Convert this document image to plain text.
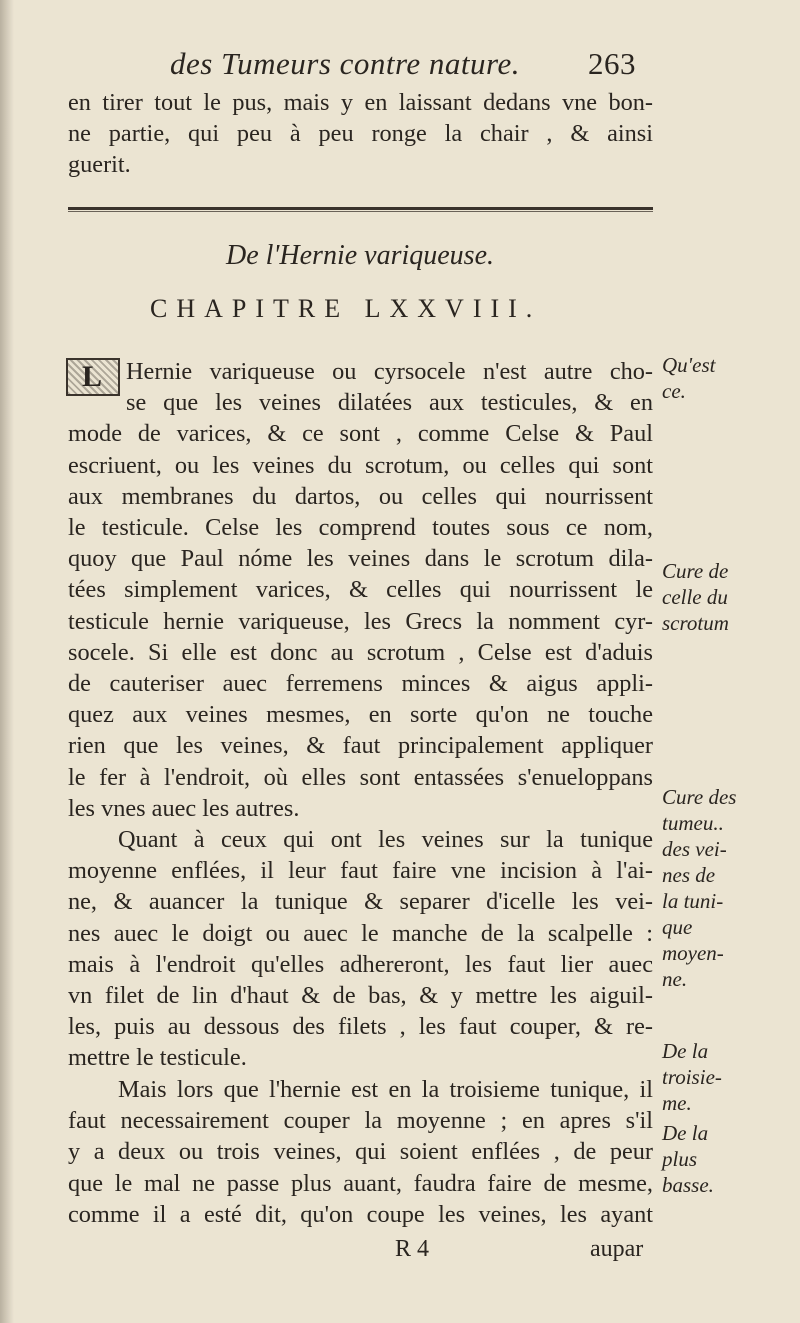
des Tumeurs contre nature. 263
en tirer tout le pus, mais y en laissant dedans vne bon-
ne partie, qui peu à peu ronge la chair , & ainsi
guerit.
De l'Hernie variqueuse.
CHAPITRE LXXVIII.
L Hernie variqueuse ou cyrsocele n'est autre cho-
se que les veines dilatées aux testicules, & en
mode de varices, & ce sont , comme Celse & Paul
escriuent, ou les veines du scrotum, ou celles qui sont
aux membranes du dartos, ou celles qui nourrissent
le testicule. Celse les comprend toutes sous ce nom,
quoy que Paul nóme les veines dans le scrotum dila-
tées simplement varices, & celles qui nourrissent le
testicule hernie variqueuse, les Grecs la nomment cyr-
socele. Si elle est donc au scrotum , Celse est d'aduis
de cauteriser auec ferremens minces & aigus appli-
quez aux veines mesmes, en sorte qu'on ne touche
rien que les veines, & faut principalement appliquer
le fer à l'endroit, où elles sont entassées s'enueloppans
les vnes auec les autres.
Quant à ceux qui ont les veines sur la tunique
moyenne enflées, il leur faut faire vne incision à l'ai-
ne, & auancer la tunique & separer d'icelle les vei-
nes auec le doigt ou auec le manche de la scalpelle :
mais à l'endroit qu'elles adhereront, les faut lier auec
vn filet de lin d'haut & de bas, & y mettre les aiguil-
les, puis au dessous des filets , les faut couper, & re-
mettre le testicule.
Mais lors que l'hernie est en la troisieme tunique, il
faut necessairement couper la moyenne ; en apres s'il
y a deux ou trois veines, qui soient enflées , de peur
que le mal ne passe plus auant, faudra faire de mesme,
comme il a esté dit, qu'on coupe les veines, les ayant
Qu'est
ce.
Cure de
celle du
scrotum
Cure des
tumeu..
des vei-
nes de
la tuni-
que
moyen-
ne.
De la
troisie-
me.
De la
plus
basse.
R 4	aupar
